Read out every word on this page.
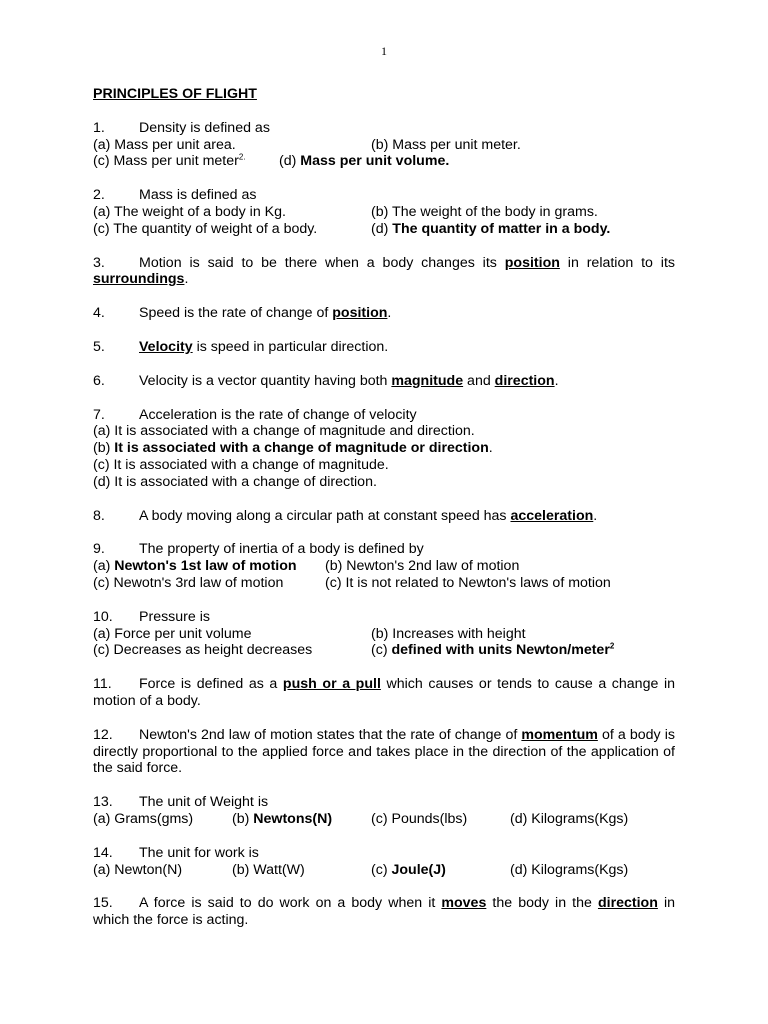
1

PRINCIPLES OF FLIGHT

1. Density is defined as
(a) Mass per unit area.	(b) Mass per unit meter.
(c) Mass per unit meter$^{2.}$	(d) Mass per unit volume.
2. Mass is defined as
(a) The weight of a body in Kg.	(b) The weight of the body in grams.
(c) The quantity of weight of a body.	(d) The quantity of matter in a body.
3. Motion is said to be there when a body changes its position in relation to its surroundings.
4. Speed is the rate of change of position.
5. Velocity is speed in particular direction.
6. Velocity is a vector quantity having both magnitude and direction.
7. Acceleration is the rate of change of velocity
(a) It is associated with a change of magnitude and direction.
(b) It is associated with a change of magnitude or direction.
(c) It is associated with a change of magnitude.
(d) It is associated with a change of direction.
8. A body moving along a circular path at constant speed has acceleration.
9. The property of inertia of a body is defined by
(a) Newton's 1st law of motion	(b) Newton's 2nd law of motion
(c) Newotn's 3rd law of motion	(c) It is not related to Newton's laws of motion
10. Pressure is
(a) Force per unit volume	(b) Increases with height
(c) Decreases as height decreases	(c) defined with units Newton/meter$^2$
11. Force is defined as a push or a pull which causes or tends to cause a change in motion of a body.
12. Newton's 2nd law of motion states that the rate of change of momentum of a body is directly proportional to the applied force and takes place in the direction of the application of the said force.
13. The unit of Weight is
(a) Grams(gms)	(b) Newtons(N)	(c) Pounds(lbs)	(d) Kilograms(Kgs)
14. The unit for work is
(a) Newton(N)	(b) Watt(W)	(c) Joule(J)	(d) Kilograms(Kgs)
15. A force is said to do work on a body when it moves the body in the direction in which the force is acting.
